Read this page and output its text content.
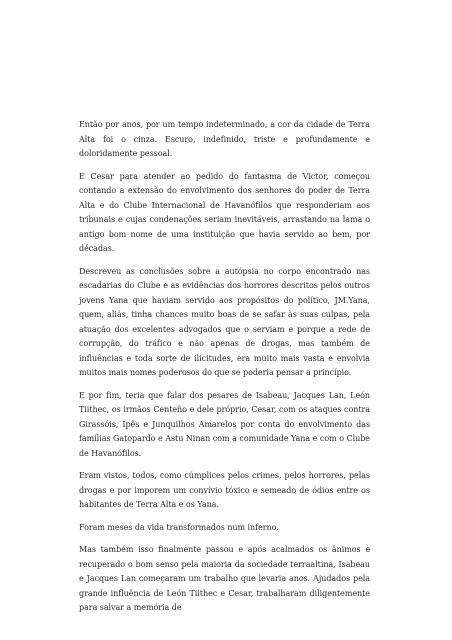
Então por anos, por um tempo indeterminado, a cor da cidade de Terra Alta foi o cinza. Escuro, indefinido, triste e profundamente e doloridamente pessoal.

E Cesar para atender ao pedido do fantasma de Victor, começou contando a extensão do envolvimento dos senhores do poder de Terra Alta e do Clube Internacional de Havanófilos que responderiam aos tribunais e cujas condenações seriam inevitáveis, arrastando na lama o antigo bom nome de uma instituição que havia servido ao bem, por décadas.

Descreveu as conclusões sobre a autópsia no corpo encontrado nas escadarias do Clube e as evidências dos horrores descritos pelos outros jovens Yana que haviam servido aos propósitos do político, JM.Yana, quem, aliás, tinha chances muito boas de se safar às suas culpas, pela atuação dos excelentes advogados que o serviam e porque a rede de corrupção, do tráfico e não apenas de drogas, mas também de influências e toda sorte de ilicitudes, era muito mais vasta e envolvia muitos mais nomes poderosos do que se poderia pensar a princípio.

E por fim, teria que falar dos pesares de Isabeau, Jacques Lan, León Tiithec, os irmãos Centeño e dele próprio, Cesar, com os ataques contra Girassóis, Ipês e Junquilhos Amarelos por conta do envolvimento das famílias Gatopardo e Astu Ninan com a comunidade Yana e com o Clube de Havanófilos.

Eram vistos, todos, como cúmplices pelos crimes, pelos horrores, pelas drogas e por imporem um convívio tóxico e semeado de ódios entre os habitantes de Terra Alta e os Yana.

Foram meses da vida transformados num inferno.

Mas também isso finalmente passou e após acalmados os ânimos e recuperado o bom senso pela maioria da sociedade terraaltina, Isabeau e Jacques Lan começaram um trabalho que levaria anos. Ajudados pela grande influência de León Tiithec e Cesar, trabalharam diligentemente para salvar a memória de
